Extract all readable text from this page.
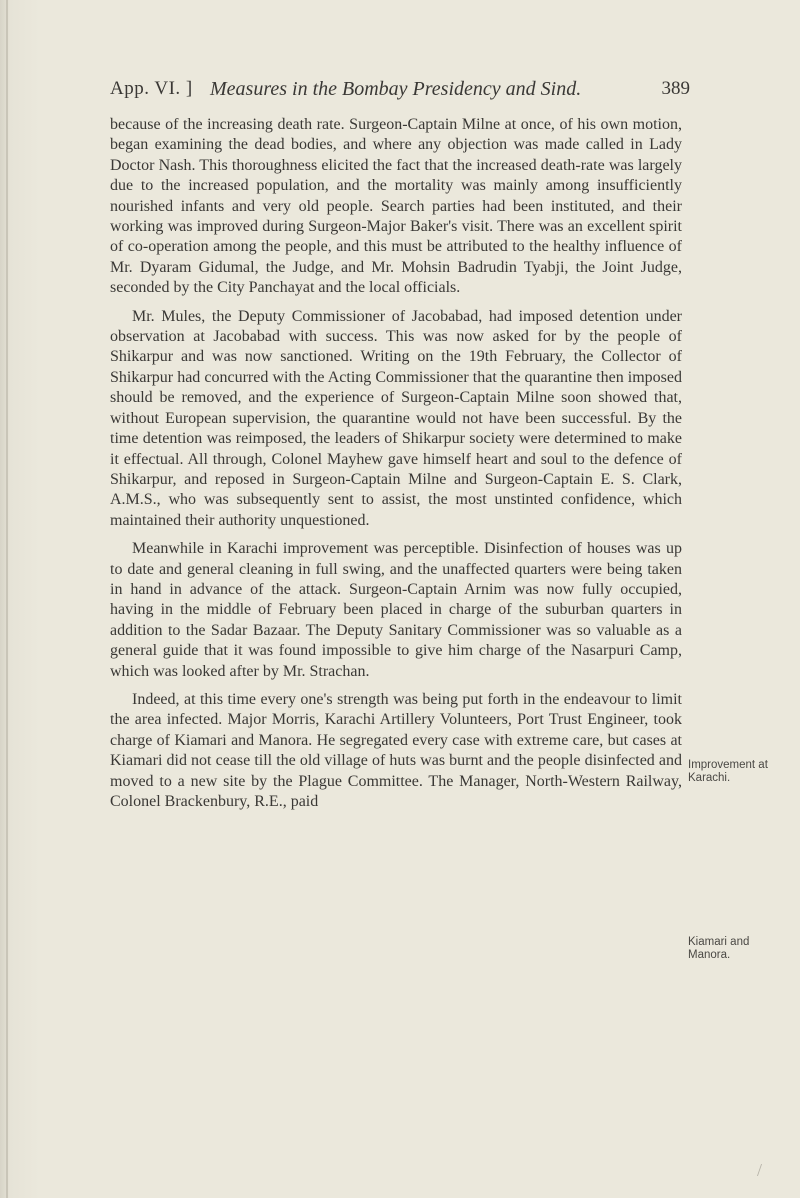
App. VI. ] Measures in the Bombay Presidency and Sind.	389

because of the increasing death rate. Surgeon-Captain Milne at once, of his own motion, began examining the dead bodies, and where any objection was made called in Lady Doctor Nash. This thoroughness elicited the fact that the increased death-rate was largely due to the increased population, and the mortality was mainly among insufficiently nourished infants and very old people. Search parties had been instituted, and their working was improved during Surgeon-Major Baker's visit. There was an excellent spirit of co-operation among the people, and this must be attributed to the healthy influence of Mr. Dyaram Gidumal, the Judge, and Mr. Mohsin Badrudin Tyabji, the Joint Judge, seconded by the City Panchayat and the local officials.

Mr. Mules, the Deputy Commissioner of Jacobabad, had imposed detention under observation at Jacobabad with success. This was now asked for by the people of Shikarpur and was now sanctioned. Writing on the 19th February, the Collector of Shikarpur had concurred with the Acting Commissioner that the quarantine then imposed should be removed, and the experience of Surgeon-Captain Milne soon showed that, without European supervision, the quarantine would not have been successful. By the time detention was reimposed, the leaders of Shikarpur society were determined to make it effectual. All through, Colonel Mayhew gave himself heart and soul to the defence of Shikarpur, and reposed in Surgeon-Captain Milne and Surgeon-Captain E. S. Clark, A.M.S., who was subsequently sent to assist, the most unstinted confidence, which maintained their authority unquestioned.

Meanwhile in Karachi improvement was perceptible. Disinfection of houses was up to date and general cleaning in full swing, and the unaffected quarters were being taken in hand in advance of the attack. Surgeon-Captain Arnim was now fully occupied, having in the middle of February been placed in charge of the suburban quarters in addition to the Sadar Bazaar. The Deputy Sanitary Commissioner was so valuable as a general guide that it was found impossible to give him charge of the Nasarpuri Camp, which was looked after by Mr. Strachan.

Indeed, at this time every one's strength was being put forth in the endeavour to limit the area infected. Major Morris, Karachi Artillery Volunteers, Port Trust Engineer, took charge of Kiamari and Manora. He segregated every case with extreme care, but cases at Kiamari did not cease till the old village of huts was burnt and the people disinfected and moved to a new site by the Plague Committee. The Manager, North-Western Railway, Colonel Brackenbury, R.E., paid

Improvement at Karachi.
Kiamari and Manora.
/
